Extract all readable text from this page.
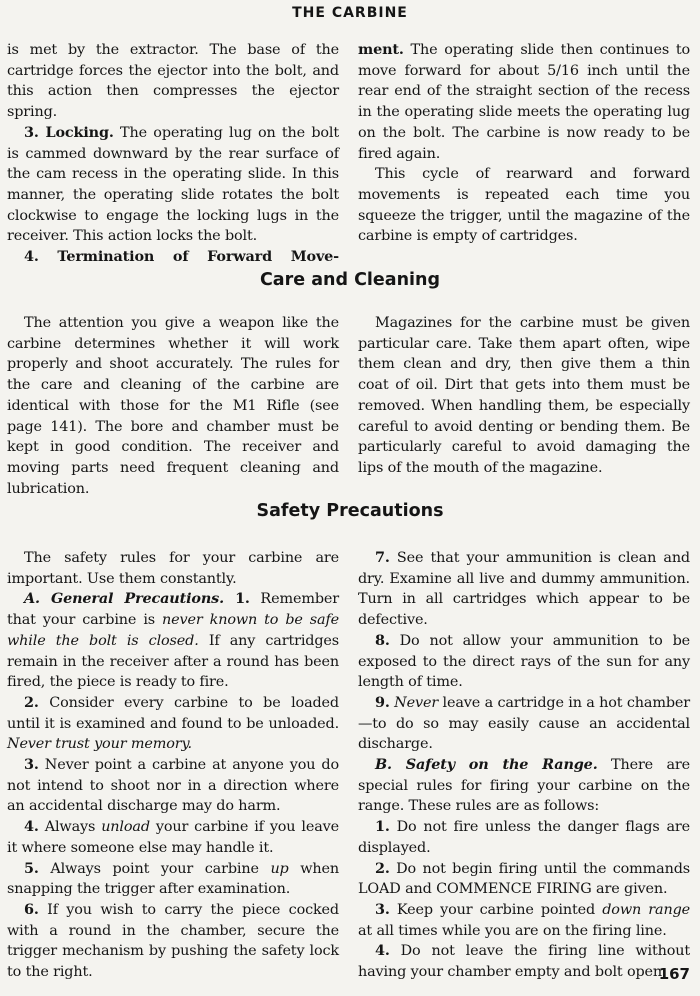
THE CARBINE

is met by the extractor. The base of the cartridge forces the ejector into the bolt, and this action then compresses the ejector spring.

3. Locking. The operating lug on the bolt is cammed downward by the rear surface of the cam recess in the operating slide. In this manner, the operating slide rotates the bolt clockwise to engage the locking lugs in the receiver. This action locks the bolt.

4. Termination of Forward Move-

ment. The operating slide then continues to move forward for about 5/16 inch until the rear end of the straight section of the recess in the operating slide meets the operating lug on the bolt. The carbine is now ready to be fired again.

This cycle of rearward and forward movements is repeated each time you squeeze the trigger, until the magazine of the carbine is empty of cartridges.

Care and Cleaning

The attention you give a weapon like the carbine determines whether it will work properly and shoot accurately. The rules for the care and cleaning of the carbine are identical with those for the M1 Rifle (see page 141). The bore and chamber must be kept in good condition. The receiver and moving parts need frequent cleaning and lubrication.

Magazines for the carbine must be given particular care. Take them apart often, wipe them clean and dry, then give them a thin coat of oil. Dirt that gets into them must be removed. When handling them, be especially careful to avoid denting or bending them. Be particularly careful to avoid damaging the lips of the mouth of the magazine.

Safety Precautions

The safety rules for your carbine are important. Use them constantly.

A. General Precautions. 1. Remember that your carbine is never known to be safe while the bolt is closed. If any cartridges remain in the receiver after a round has been fired, the piece is ready to fire.

2. Consider every carbine to be loaded until it is examined and found to be unloaded. Never trust your memory.

3. Never point a carbine at anyone you do not intend to shoot nor in a direction where an accidental discharge may do harm.

4. Always unload your carbine if you leave it where someone else may handle it.

5. Always point your carbine up when snapping the trigger after examination.

6. If you wish to carry the piece cocked with a round in the chamber, secure the trigger mechanism by pushing the safety lock to the right.

7. See that your ammunition is clean and dry. Examine all live and dummy ammunition. Turn in all cartridges which appear to be defective.

8. Do not allow your ammunition to be exposed to the direct rays of the sun for any length of time.

9. Never leave a cartridge in a hot chamber—to do so may easily cause an accidental discharge.

B. Safety on the Range. There are special rules for firing your carbine on the range. These rules are as follows:

1. Do not fire unless the danger flags are displayed.

2. Do not begin firing until the commands LOAD and COMMENCE FIRING are given.

3. Keep your carbine pointed down range at all times while you are on the firing line.

4. Do not leave the firing line without having your chamber empty and bolt open.

167
